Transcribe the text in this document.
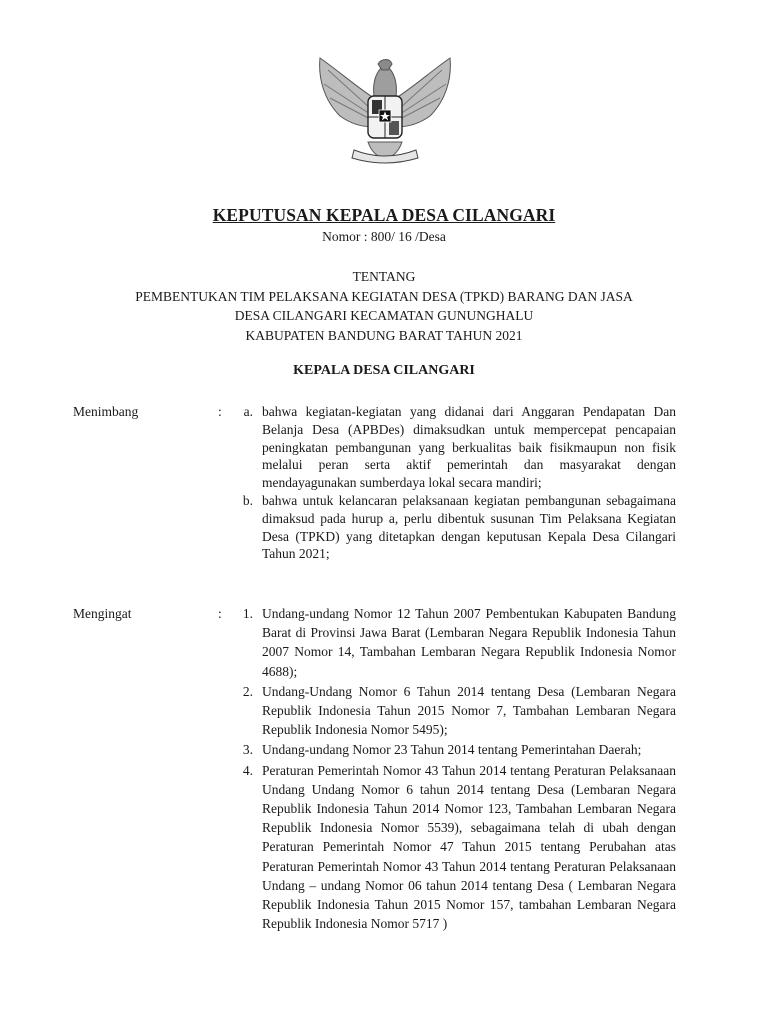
KEPUTUSAN KEPALA DESA CILANGARI
Nomor : 800/ 16 /Desa
TENTANG
PEMBENTUKAN TIM PELAKSANA KEGIATAN DESA (TPKD) BARANG DAN JASA
DESA CILANGARI KECAMATAN GUNUNGHALU
KABUPATEN BANDUNG BARAT TAHUN 2021
KEPALA DESA CILANGARI
Menimbang	:	a. bahwa kegiatan-kegiatan yang didanai dari Anggaran Pendapatan Dan Belanja Desa (APBDes) dimaksudkan untuk mempercepat pencapaian peningkatan pembangunan yang berkualitas baik fisikmaupun non fisik melalui peran serta aktif pemerintah dan masyarakat dengan mendayagunakan sumberdaya lokal secara mandiri;
b. bahwa untuk kelancaran pelaksanaan kegiatan pembangunan sebagaimana dimaksud pada hurup a, perlu dibentuk susunan Tim Pelaksana Kegiatan Desa (TPKD) yang ditetapkan dengan keputusan Kepala Desa Cilangari Tahun 2021;
Mengingat	:	1. Undang-undang Nomor 12 Tahun 2007 Pembentukan Kabupaten Bandung Barat di Provinsi Jawa Barat (Lembaran Negara Republik Indonesia Tahun 2007 Nomor 14, Tambahan Lembaran Negara Republik Indonesia Nomor 4688);
2. Undang-Undang Nomor 6 Tahun 2014 tentang Desa (Lembaran Negara Republik Indonesia Tahun 2015 Nomor 7, Tambahan Lembaran Negara Republik Indonesia Nomor 5495);
3. Undang-undang Nomor 23 Tahun 2014 tentang Pemerintahan Daerah;
4. Peraturan Pemerintah Nomor 43 Tahun 2014 tentang Peraturan Pelaksanaan Undang Undang Nomor 6 tahun 2014 tentang Desa (Lembaran Negara Republik Indonesia Tahun 2014 Nomor 123, Tambahan Lembaran Negara Republik Indonesia Nomor 5539), sebagaimana telah di ubah dengan Peraturan Pemerintah Nomor 47 Tahun 2015 tentang Perubahan atas Peraturan Pemerintah Nomor 43 Tahun 2014 tentang Peraturan Pelaksanaan Undang – undang Nomor 06 tahun 2014 tentang Desa ( Lembaran Negara Republik Indonesia Tahun 2015 Nomor 157, tambahan Lembaran Negara Republik Indonesia Nomor 5717 )
